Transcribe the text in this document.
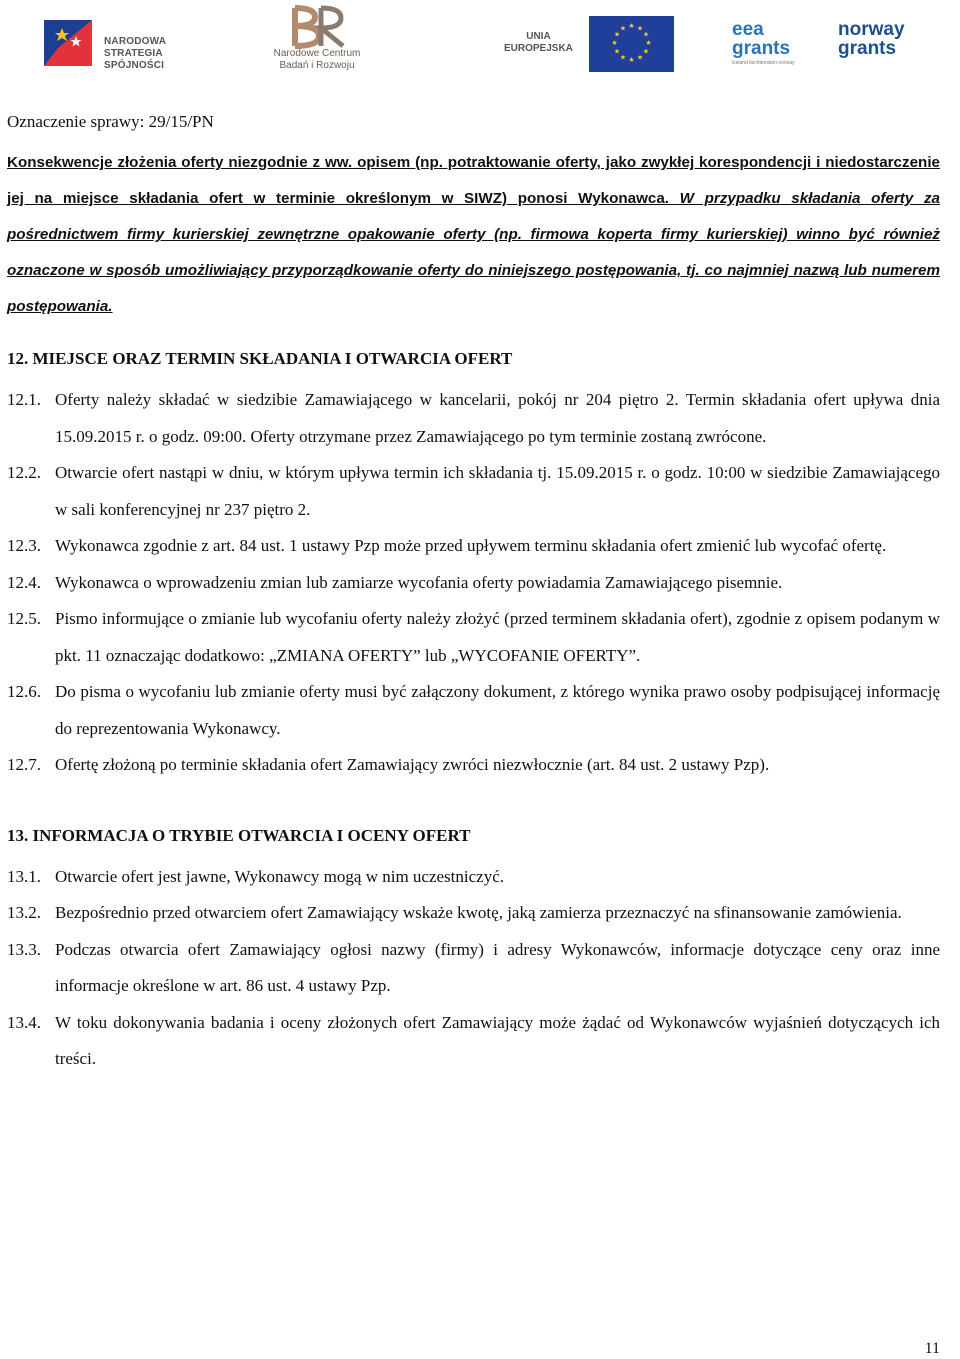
NARODOWA
STRATEGIA SPÓJNOŚCI
Narodowe Centrum
Badań i Rozwoju
UNIA
EUROPEJSKA
★ ★
★
★
★
★
★
★
★
★
★
★	eea
grants
iceland liechtenstein norway
norway
grants
Oznaczenie sprawy: 29/15/PN
Konsekwencje złożenia oferty niezgodnie z ww. opisem (np. potraktowanie oferty, jako zwykłej korespondencji i niedostarczenie jej na miejsce składania ofert w terminie określonym w SIWZ) ponosi Wykonawca. W przypadku składania oferty za pośrednictwem firmy kurierskiej zewnętrzne opakowanie oferty (np. firmowa koperta firmy kurierskiej) winno być również oznaczone w sposób umożliwiający przyporządkowanie oferty do niniejszego postępowania, tj. co najmniej nazwą lub numerem postępowania.
12. MIEJSCE ORAZ TERMIN SKŁADANIA I OTWARCIA OFERT
12.1. Oferty należy składać w siedzibie Zamawiającego w kancelarii, pokój nr 204 piętro 2. Termin składania ofert upływa dnia 15.09.2015 r. o godz. 09:00. Oferty otrzymane przez Zamawiającego po tym terminie zostaną zwrócone.
12.2. Otwarcie ofert nastąpi w dniu, w którym upływa termin ich składania tj. 15.09.2015 r. o godz. 10:00 w siedzibie Zamawiającego w sali konferencyjnej nr 237 piętro 2.
12.3. Wykonawca zgodnie z art. 84 ust. 1 ustawy Pzp może przed upływem terminu składania ofert zmienić lub wycofać ofertę.
12.4. Wykonawca o wprowadzeniu zmian lub zamiarze wycofania oferty powiadamia Zamawiającego pisemnie.
12.5. Pismo informujące o zmianie lub wycofaniu oferty należy złożyć (przed terminem składania ofert), zgodnie z opisem podanym w pkt. 11 oznaczając dodatkowo: „ZMIANA OFERTY” lub „WYCOFANIE OFERTY”.
12.6. Do pisma o wycofaniu lub zmianie oferty musi być załączony dokument, z którego wynika prawo osoby podpisującej informację do reprezentowania Wykonawcy.
12.7. Ofertę złożoną po terminie składania ofert Zamawiający zwróci niezwłocznie (art. 84 ust. 2 ustawy Pzp).
13. INFORMACJA O TRYBIE OTWARCIA I OCENY OFERT
13.1. Otwarcie ofert jest jawne, Wykonawcy mogą w nim uczestniczyć.
13.2. Bezpośrednio przed otwarciem ofert Zamawiający wskaże kwotę, jaką zamierza przeznaczyć na sfinansowanie zamówienia.
13.3. Podczas otwarcia ofert Zamawiający ogłosi nazwy (firmy) i adresy Wykonawców, informacje dotyczące ceny oraz inne informacje określone w art. 86 ust. 4 ustawy Pzp.
13.4. W toku dokonywania badania i oceny złożonych ofert Zamawiający może żądać od Wykonawców wyjaśnień dotyczących ich treści.
11
